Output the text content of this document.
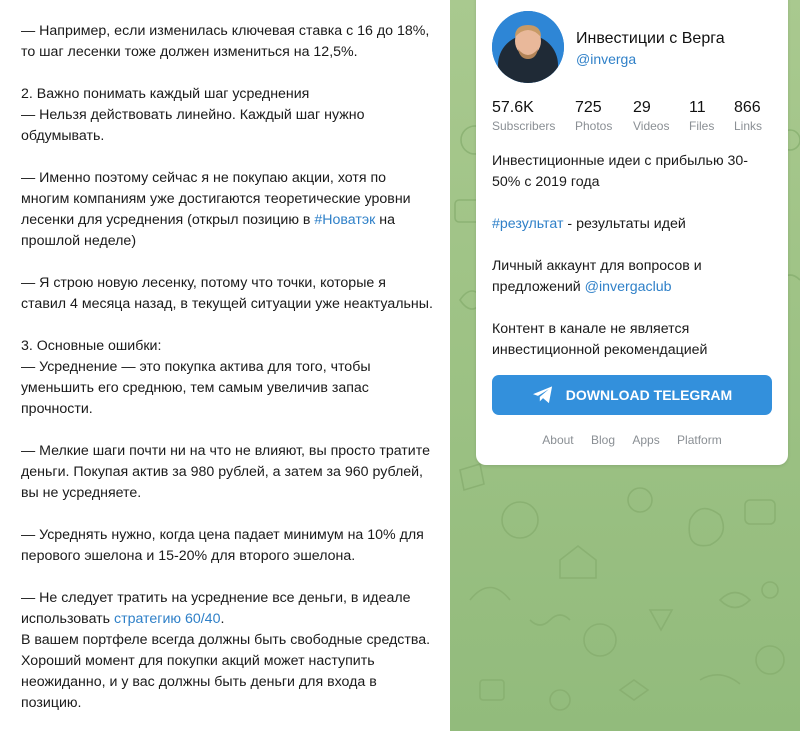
— Например, если изменилась ключевая ставка с 16 до 18%, то шаг лесенки тоже должен измениться на 12,5%.

2. Важно понимать каждый шаг усреднения

— Нельзя действовать линейно. Каждый шаг нужно обдумывать.

— Именно поэтому сейчас я не покупаю акции, хотя по многим компаниям уже достигаются теоретические уровни лесенки для усреднения (открыл позицию в #Новатэк на прошлой неделе)

— Я строю новую лесенку, потому что точки, которые я ставил 4 месяца назад, в текущей ситуации уже неактуальны.

3. Основные ошибки:

— Усреднение — это покупка актива для того, чтобы уменьшить его среднюю, тем самым увеличив запас прочности.

— Мелкие шаги почти ни на что не влияют, вы просто тратите деньги. Покупая актив за 980 рублей, а затем за 960 рублей, вы не усредняете.

— Усреднять нужно, когда цена падает минимум на 10% для перового эшелона и 15-20% для второго эшелона.

— Не следует тратить на усреднение все деньги, в идеале использовать стратегию 60/40.

В вашем портфеле всегда должны быть свободные средства. Хороший момент для покупки акций может наступить неожиданно, и у вас должны быть деньги для входа в позицию.

Инвестиции с Верга
@inverga
57.6K
Subscribers
725
Photos
29
Videos
11
Files
866
Links

Инвестиционные идеи с прибылью 30-50% с 2019 года

#результат - результаты идей

Личный аккаунт для вопросов и предложений @invergaclub

Контент в канале не является инвестиционной рекомендацией

DOWNLOAD TELEGRAM
About Blog Apps Platform
